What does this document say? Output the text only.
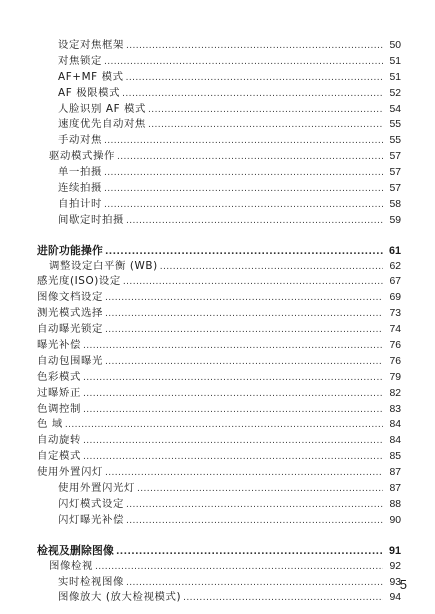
设定对焦框架 .....	50
对焦锁定 .....	51
AF+MF 模式 .....	51
AF 极限模式 .....	52
人脸识别 AF 模式 .....	54
速度优先自动对焦 .....	55
手动对焦 .....	55
驱动模式操作 .....	57
单一拍摄 .....	57
连续拍摄 .....	57
自拍计时 .....	58
间歇定时拍摄 .....	59
进阶功能操作 .....	61
调整设定白平衡 (WB) .....	62
感光度(ISO)设定 .....	67
图像文档设定 .....	69
测光模式选择 .....	73
自动曝光锁定 .....	74
曝光补偿 .....	76
自动包围曝光 .....	76
色彩模式 .....	79
过曝矫正 .....	82
色调控制 .....	83
色 域 .....	84
自动旋转 .....	84
自定模式 .....	85
使用外置闪灯 .....	87
使用外置闪光灯 .....	87
闪灯模式设定 .....	88
闪灯曝光补偿 .....	90
检视及删除图像 .....	91
图像检视 .....	92
实时检视图像 .....	93
图像放大 (放大检视模式) .....	94
5
